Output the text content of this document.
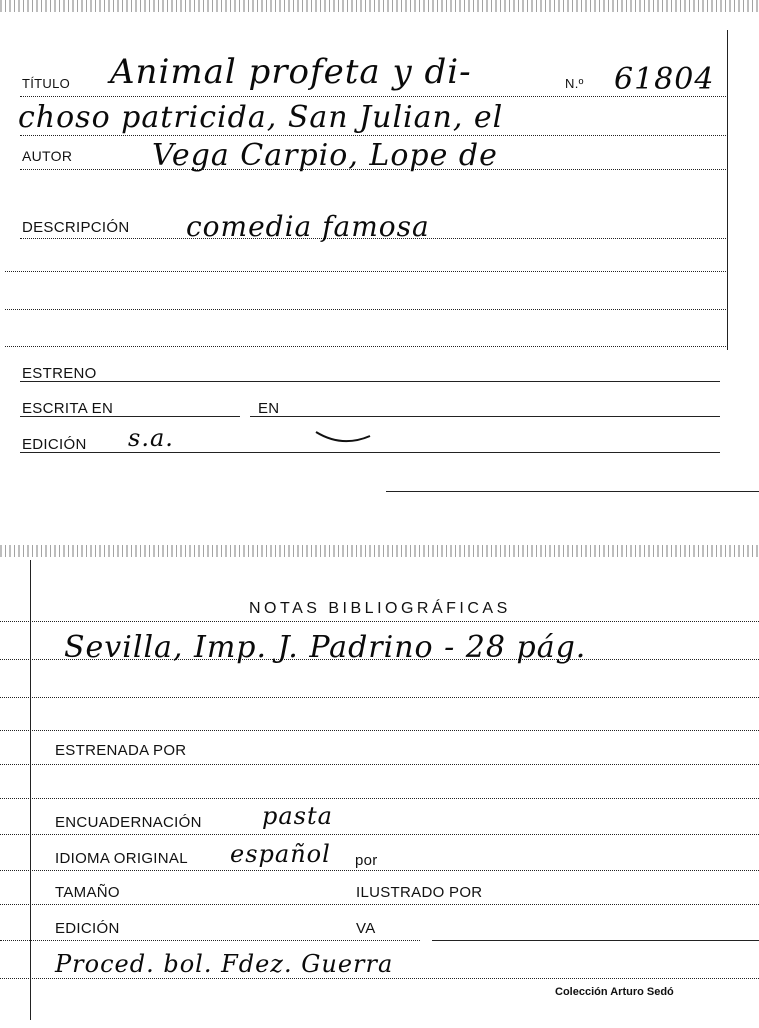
TÍTULO Animal profeta y di-	N.º 61804
choso patricida, San Julian, el
AUTOR	Vega Carpio, Lope de
DESCRIPCIÓN comedia famosa
ESTRENO
ESCRITA EN	EN
EDICIÓN s.a.
NOTAS BIBLIOGRÁFICAS
Sevilla, Imp. J. Padrino - 28 pág.
ESTRENADA POR
ENCUADERNACIÓN	pasta
IDIOMA ORIGINAL español por
TAMAÑO	ILUSTRADO POR
EDICIÓN	VA
Proced. bol. Fdez. Guerra
Colección Arturo Sedó
